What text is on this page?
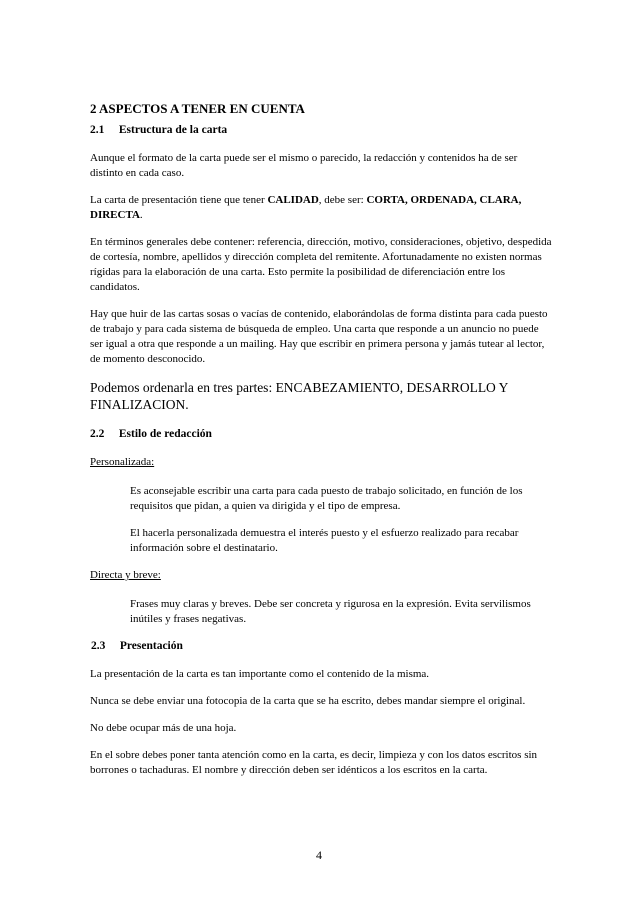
2 ASPECTOS A TENER EN CUENTA
2.1 Estructura de la carta

Aunque el formato de la carta puede ser el mismo o parecido, la redacción y contenidos ha de ser distinto en cada caso.

La carta de presentación tiene que tener CALIDAD, debe ser: CORTA, ORDENADA, CLARA, DIRECTA.

En términos generales debe contener: referencia, dirección, motivo, consideraciones, objetivo, despedida de cortesía, nombre, apellidos y dirección completa del remitente. Afortunadamente no existen normas rígidas para la elaboración de una carta. Esto permite la posibilidad de diferenciación entre los candidatos.

Hay que huir de las cartas sosas o vacías de contenido, elaborándolas de forma distinta para cada puesto de trabajo y para cada sistema de búsqueda de empleo. Una carta que responde a un anuncio no puede ser igual a otra que responde a un mailing. Hay que escribir en primera persona y jamás tutear al lector, de momento desconocido.

Podemos ordenarla en tres partes: ENCABEZAMIENTO, DESARROLLO Y FINALIZACION.

2.2 Estilo de redacción

Personalizada:

Es aconsejable escribir una carta para cada puesto de trabajo solicitado, en función de los requisitos que pidan, a quien va dirigida y el tipo de empresa.

El hacerla personalizada demuestra el interés puesto y el esfuerzo realizado para recabar información sobre el destinatario.

Directa y breve:

Frases muy claras y breves. Debe ser concreta y rigurosa en la expresión. Evita servilismos inútiles y frases negativas.

2.3 Presentación

La presentación de la carta es tan importante como el contenido de la misma.

Nunca se debe enviar una fotocopia de la carta que se ha escrito, debes mandar siempre el original.

No debe ocupar más de una hoja.

En el sobre debes poner tanta atención como en la carta, es decir, limpieza y con los datos escritos sin borrones o tachaduras. El nombre y dirección deben ser idénticos a los escritos en la carta.

4
